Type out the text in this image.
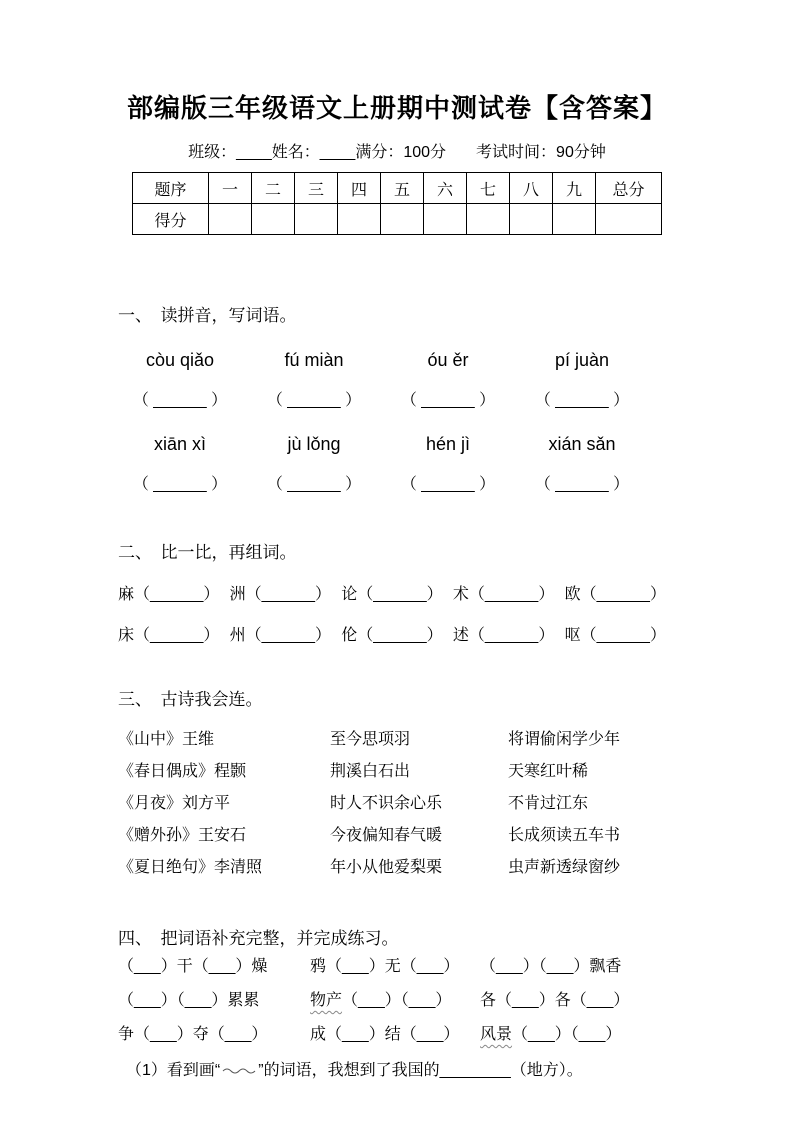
部编版三年级语文上册期中测试卷【含答案】
班级：____姓名：____满分：100分 考试时间：90分钟
题序	一	二	三	四	五	六	七	八	九	总分
得分										
一、　读拼音，写词语。
còu qiǎo
（ ______ ）
fú miàn
（ ______ ）
óu ěr
（ ______ ）
pí juàn
（ ______ ）
xiān xì
（ ______ ）
jù lǒng
（ ______ ）
hén jì
（ ______ ）
xián sǎn
（ ______ ）
二、　比一比，再组词。
麻（______） 洲（______） 论（______） 术（______） 欧（______）
床（______） 州（______） 伦（______） 述（______） 呕（______）
三、　古诗我会连。
《山中》王维	至今思项羽	将谓偷闲学少年
《春日偶成》程颢	荆溪白石出	天寒红叶稀
《月夜》刘方平	时人不识余心乐	不肯过江东
《赠外孙》王安石	今夜偏知春气暖	长成须读五车书
《夏日绝句》李清照	年小从他爱梨栗	虫声新透绿窗纱
四、　把词语补充完整，并完成练习。
（___）干（___）燥	鸦（___）无（___）	（___）（___）飘香
（___）（___）累累	物产（___）（___）	各（___）各（___）
争（___）夺（___）	成（___）结（___）	风景（___）（___）
（1）看到画“ ”的词语，我想到了我国的________（地方）。
